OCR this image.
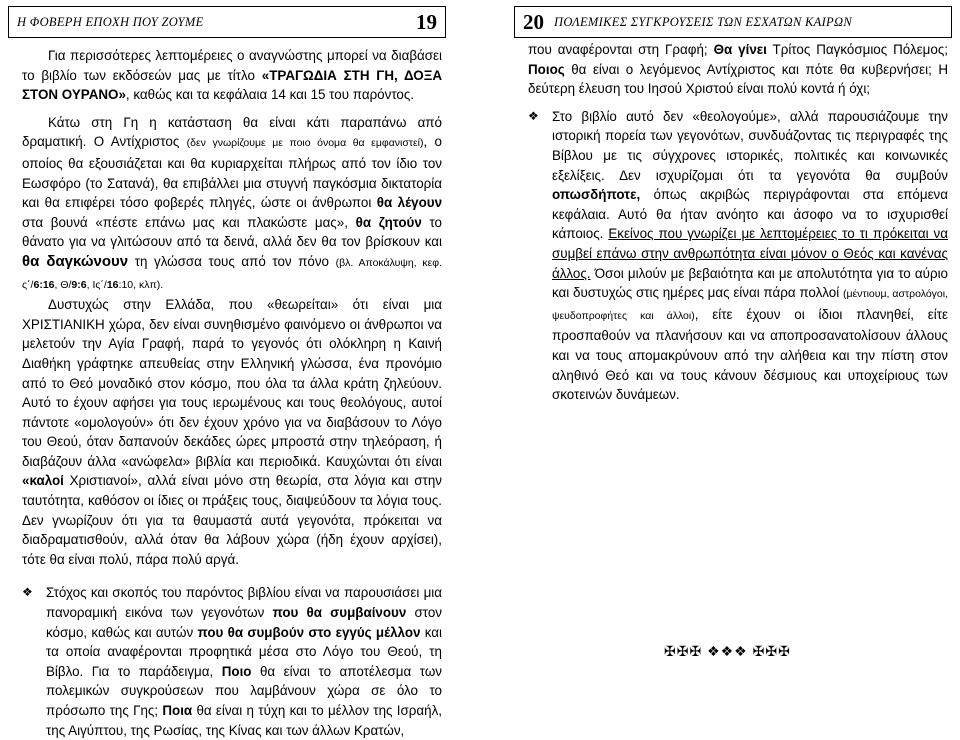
Η ΦΟΒΕΡΗ ΕΠΟΧΗ ΠΟΥ ΖΟΥΜΕ	19

Για περισσότερες λεπτομέρειες ο αναγνώστης μπορεί να διαβάσει το βιβλίο των εκδόσεών μας με τίτλο «ΤΡΑΓΩΔΙΑ ΣΤΗ ΓΗ, ΔΟΞΑ ΣΤΟΝ ΟΥΡΑΝΟ», καθώς και τα κεφάλαια 14 και 15 του παρόντος.

Κάτω στη Γη η κατάσταση θα είναι κάτι παραπάνω από δραματική. Ο Αντίχριστος (δεν γνωρίζουμε με ποιο όνομα θα εμφανιστεί), ο οποίος θα εξουσιάζεται και θα κυριαρχείται πλήρως από τον ίδιο τον Εωσφόρο (το Σατανά), θα επιβάλλει μια στυγνή παγκόσμια δικτατορία και θα επιφέρει τόσο φοβερές πληγές, ώστε οι άνθρωποι θα λέγουν στα βουνά «πέστε επάνω μας και πλακώστε μας», θα ζητούν το θάνατο για να γλιτώσουν από τα δεινά, αλλά δεν θα τον βρίσκουν και θα δαγκώνουν τη γλώσσα τους από τον πόνο (βλ. Αποκάλυψη, κεφ. ς΄/6:16, Θ/9:6, Ις΄/16:10, κλπ).

Δυστυχώς στην Ελλάδα, που «θεωρείται» ότι είναι μια ΧΡΙΣΤΙΑΝΙΚΗ χώρα, δεν είναι συνηθισμένο φαινόμενο οι άνθρωποι να μελετούν την Αγία Γραφή, παρά το γεγονός ότι ολόκληρη η Καινή Διαθήκη γράφτηκε απευθείας στην Ελληνική γλώσσα, ένα προνόμιο από το Θεό μοναδικό στον κόσμο, που όλα τα άλλα κράτη ζηλεύουν. Αυτό το έχουν αφήσει για τους ιερωμένους και τους θεολόγους, αυτοί πάντοτε «ομολογούν» ότι δεν έχουν χρόνο για να διαβάσουν το Λόγο του Θεού, όταν δαπανούν δεκάδες ώρες μπροστά στην τηλεόραση, ή διαβάζουν άλλα «ανώφελα» βιβλία και περιοδικά. Καυχώνται ότι είναι «καλοί Χριστιανοί», αλλά είναι μόνο στη θεωρία, στα λόγια και στην ταυτότητα, καθόσον οι ίδιες οι πράξεις τους, διαψεύδουν τα λόγια τους. Δεν γνωρίζουν ότι για τα θαυμαστά αυτά γεγονότα, πρόκειται να διαδραματισθούν, αλλά όταν θα λάβουν χώρα (ήδη έχουν αρχίσει), τότε θα είναι πολύ, πάρα πολύ αργά.

❖ Στόχος και σκοπός του παρόντος βιβλίου είναι να παρουσιάσει μια πανοραμική εικόνα των γεγονότων που θα συμβαίνουν στον κόσμο, καθώς και αυτών που θα συμβούν στο εγγύς μέλλον και τα οποία αναφέρονται προφητικά μέσα στο Λόγο του Θεού, τη Βίβλο. Για το παράδειγμα, Ποιο θα είναι το αποτέλεσμα των πολεμικών συγκρούσεων που λαμβάνουν χώρα σε όλο το πρόσωπο της Γης; Ποια θα είναι η τύχη και το μέλλον της Ισραήλ, της Αιγύπτου, της Ρωσίας, της Κίνας και των άλλων Κρατών,

ΠΟΛΕΜΙΚΕΣ ΣΥΓΚΡΟΥΣΕΙΣ ΤΩΝ ΕΣΧΑΤΩΝ ΚΑΙΡΩΝ
20

που αναφέρονται στη Γραφή; Θα γίνει Τρίτος Παγκόσμιος Πόλεμος; Ποιος θα είναι ο λεγόμενος Αντίχριστος και πότε θα κυβερνήσει; Η δεύτερη έλευση του Ιησού Χριστού είναι πολύ κοντά ή όχι;

❖ Στο βιβλίο αυτό δεν «θεολογούμε», αλλά παρουσιάζουμε την ιστορική πορεία των γεγονότων, συνδυάζοντας τις περιγραφές της Βίβλου με τις σύγχρονες ιστορικές, πολιτικές και κοινωνικές εξελίξεις. Δεν ισχυρίζομαι ότι τα γεγονότα θα συμβούν οπωσδήποτε, όπως ακριβώς περιγράφονται στα επόμενα κεφάλαια. Αυτό θα ήταν ανόητο και άσοφο να το ισχυρισθεί κάποιος. Εκείνος που γνωρίζει με λεπτομέρειες το τι πρόκειται να συμβεί επάνω στην ανθρωπότητα είναι μόνον ο Θεός και κανένας άλλος. Όσοι μιλούν με βεβαιότητα και με απολυτότητα για το αύριο και δυστυχώς στις ημέρες μας είναι πάρα πολλοί (μέντιουμ, αστρολόγοι, ψευδοπροφήτες και άλλοι), είτε έχουν οι ίδιοι πλανηθεί, είτε προσπαθούν να πλανήσουν και να αποπροσανατολίσουν άλλους και να τους απομακρύνουν από την αλήθεια και την πίστη στον αληθινό Θεό και να τους κάνουν δέσμιους και υποχείριους των σκοτεινών δυνάμεων.

✠✠✠ ❖❖❖ ✠✠✠
